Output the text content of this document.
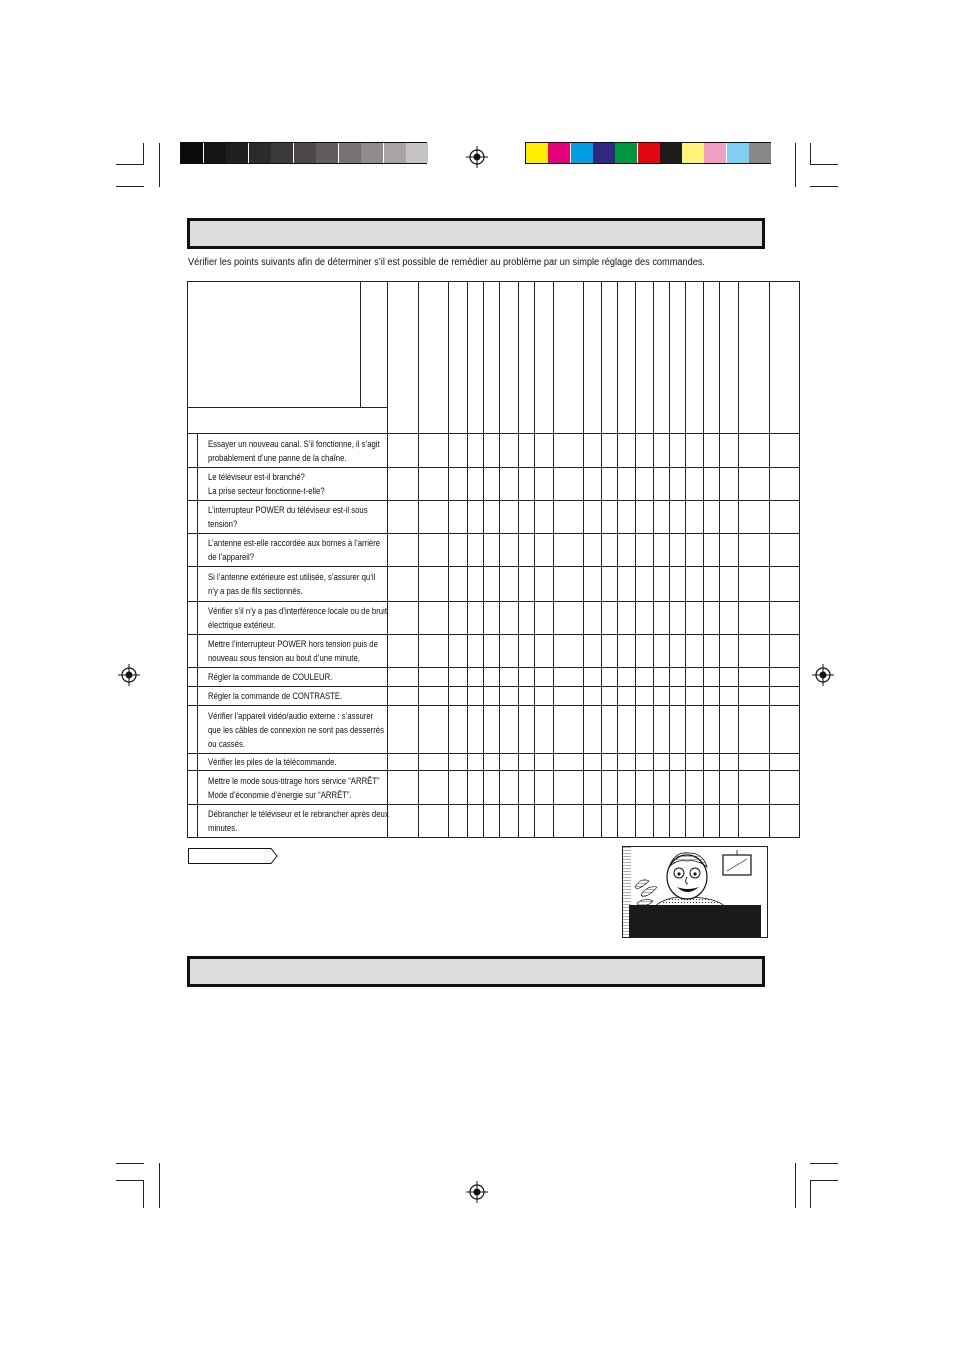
Vérifier les points suivants afin de déterminer s’il est possible de remédier au problème par un simple réglage des commandes.

	Essayer un nouveau canal. S’il fonctionne, il s’agit
probablement d’une panne de la chaîne.																					

	Le téléviseur est-il branché?
La prise secteur fonctionne-t-elle?																					

	L’interrupteur POWER du téléviseur est-il sous
tension?																					

	L’antenne est-elle raccordée aux bornes à l’arrière
de l’appareil?																					

	Si l’antenne extérieure est utilisée, s’assurer qu’il
n’y a pas de fils sectionnés.																					

	Vérifier s’il n’y a pas d’interférence locale ou de bruit
électrique extérieur.																					

	Mettre l’interrupteur POWER hors tension puis de
nouveau sous tension au bout d’une minute.																					

	Régler la commande de COULEUR.																					

	Régler la commande de CONTRASTE.																					

	Vérifier l’appareil vidéo/audio externe : s’assurer
que les câbles de connexion ne sont pas desserrés
ou cassés.																					

	Vérifier les piles de la télécommande.																					

	Mettre le mode sous-titrage hors service “ARRÊT”
Mode d’économie d’énergie sur “ARRÊT”.																					

	Débrancher le téléviseur et le rebrancher après deux
minutes.																					
